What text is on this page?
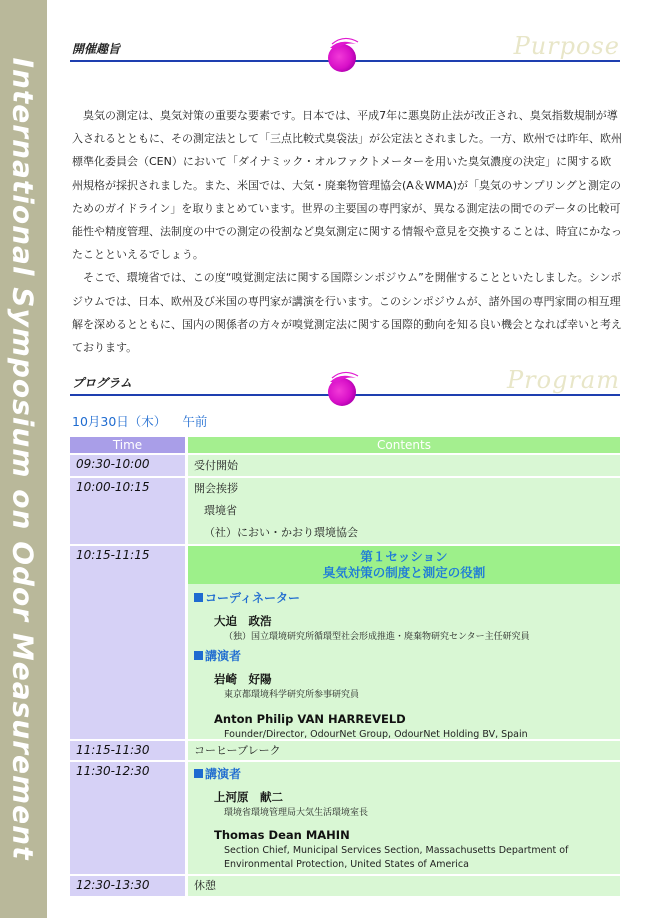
International Symposium on Odor Measurement
開催趣旨	Purpose

臭気の測定は、臭気対策の重要な要素です。日本では、平成7年に悪臭防止法が改正され、臭気指数規制が導入されるとともに、その測定法として「三点比較式臭袋法」が公定法とされました。一方、欧州では昨年、欧州標準化委員会（CEN）において「ダイナミック・オルファクトメーターを用いた臭気濃度の決定」に関する欧州規格が採択されました。また、米国では、大気・廃棄物管理協会(A＆WMA)が「臭気のサンプリングと測定のためのガイドライン」を取りまとめています。世界の主要国の専門家が、異なる測定法の間でのデータの比較可能性や精度管理、法制度の中での測定の役割など臭気測定に関する情報や意見を交換することは、時宜にかなったことといえるでしょう。

そこで、環境省では、この度“嗅覚測定法に関する国際シンポジウム”を開催することといたしました。シンポジウムでは、日本、欧州及び米国の専門家が講演を行います。このシンポジウムが、諸外国の専門家間の相互理解を深めるとともに、国内の関係者の方々が嗅覚測定法に関する国際的動向を知る良い機会となれば幸いと考えております。

プログラム	Program
10月30日（木） 午前
Time	Contents
09:30-10:00	受付開始
10:00-10:15	開会挨拶
環境省
（社）におい・かおり環境協会
10:15-11:15	第１セッション
臭気対策の制度と測定の役割
コーディネーター
大迫　政浩
（独）国立環境研究所循環型社会形成推進・廃棄物研究センター主任研究員
講演者
岩崎　好陽
東京都環境科学研究所参事研究員
Anton Philip VAN HARREVELD
Founder/Director, OdourNet Group, OdourNet Holding BV, Spain
11:15-11:30	コーヒーブレーク
11:30-12:30	講演者
上河原　献二
環境省環境管理局大気生活環境室長
Thomas Dean MAHIN
Section Chief, Municipal Services Section, Massachusetts Department of Environmental Protection, United States of America
12:30-13:30	休憩
